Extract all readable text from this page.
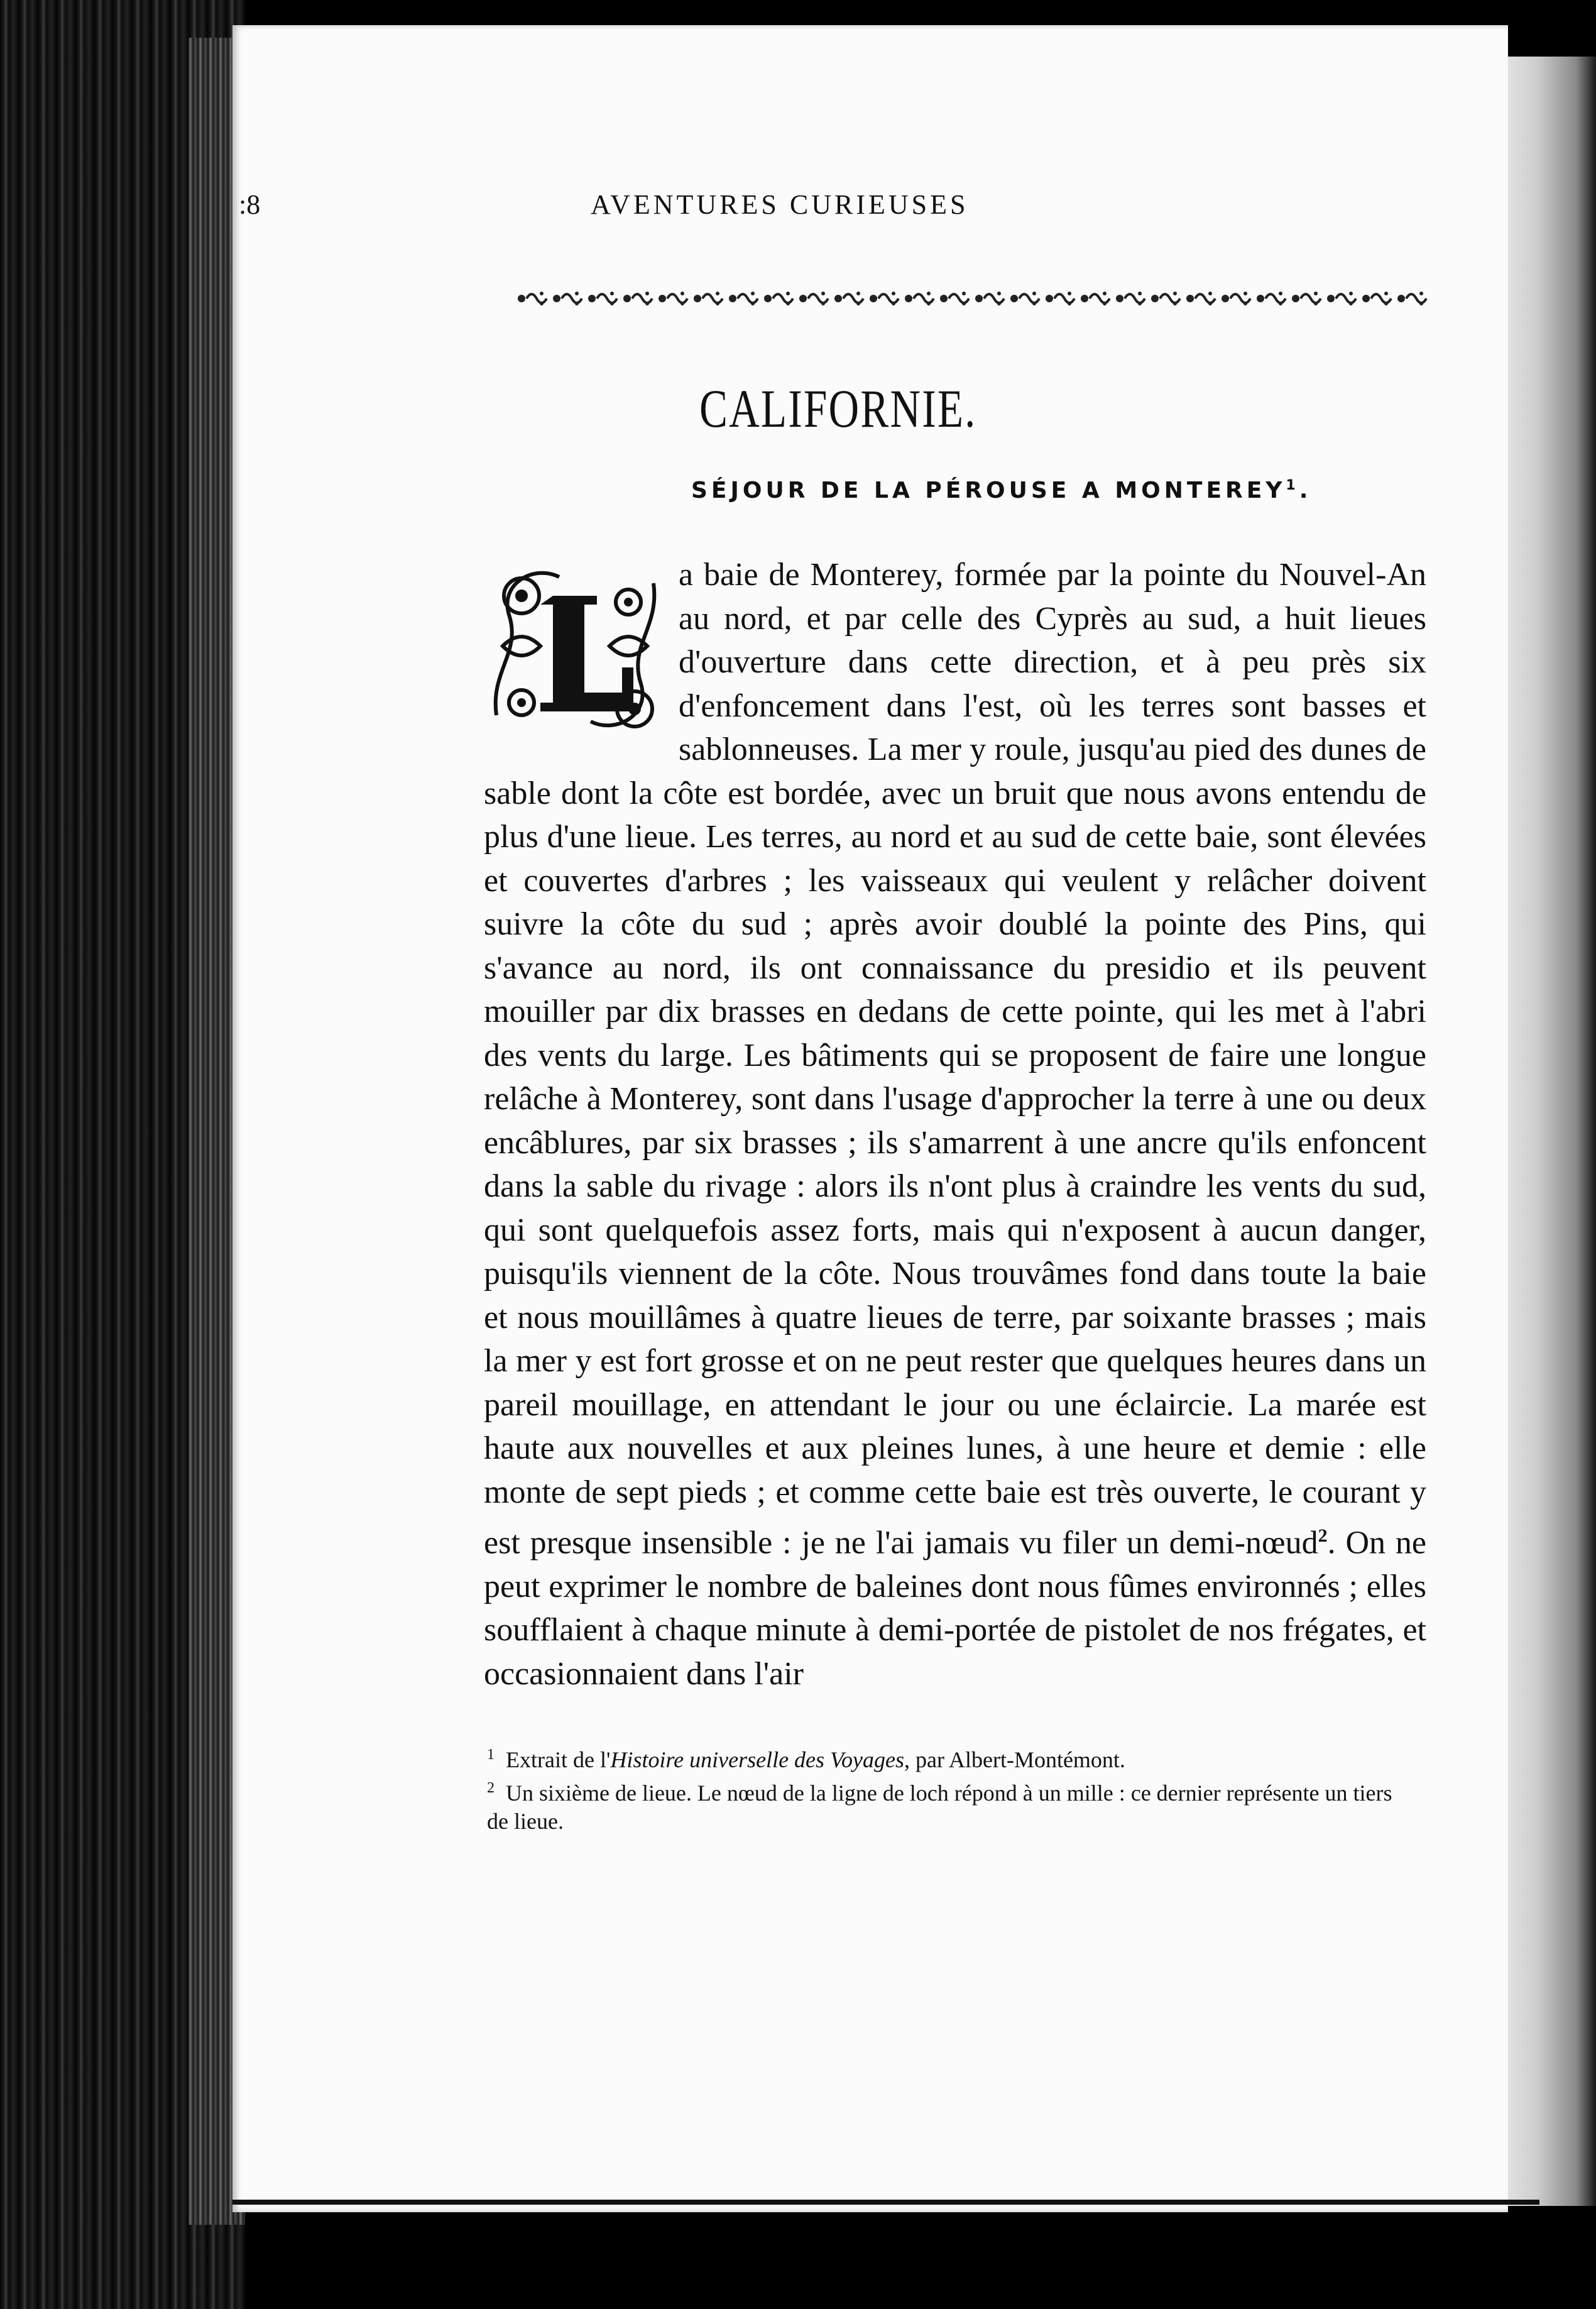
:8	AVENTURES CURIEUSES
CALIFORNIE.
SÉJOUR DE LA PÉROUSE A MONTEREY$^1$.

a baie de Monterey, formée par la pointe du Nouvel-An au nord, et par celle des Cyprès au sud, a huit lieues d'ouverture dans cette direction, et à peu près six d'enfoncement dans l'est, où les terres sont basses et sablonneuses. La mer y roule, jusqu'au pied des dunes de sable dont la côte est bordée, avec un bruit que nous avons entendu de plus d'une lieue. Les terres, au nord et au sud de cette baie, sont élevées et couvertes d'arbres ; les vaisseaux qui veulent y relâcher doivent suivre la côte du sud ; après avoir doublé la pointe des Pins, qui s'avance au nord, ils ont connaissance du presidio et ils peuvent mouiller par dix brasses en dedans de cette pointe, qui les met à l'abri des vents du large. Les bâtiments qui se proposent de faire une longue relâche à Monterey, sont dans l'usage d'approcher la terre à une ou deux encâblures, par six brasses ; ils s'amarrent à une ancre qu'ils enfoncent dans la sable du rivage : alors ils n'ont plus à craindre les vents du sud, qui sont quelquefois assez forts, mais qui n'exposent à aucun danger, puisqu'ils viennent de la côte. Nous trouvâmes fond dans toute la baie et nous mouillâmes à quatre lieues de terre, par soixante brasses ; mais la mer y est fort grosse et on ne peut rester que quelques heures dans un pareil mouillage, en attendant le jour ou une éclaircie. La marée est haute aux nouvelles et aux pleines lunes, à une heure et demie : elle monte de sept pieds ; et comme cette baie est très ouverte, le courant y est presque insensible : je ne l'ai jamais vu filer un demi-nœud$^2$. On ne peut exprimer le nombre de baleines dont nous fûmes environnés ; elles soufflaient à chaque minute à demi-portée de pistolet de nos frégates, et occasionnaient dans l'air

$^1$ Extrait de l'Histoire universelle des Voyages, par Albert-Montémont.

$^2$ Un sixième de lieue. Le nœud de la ligne de loch répond à un mille : ce dernier représente un tiers de lieue.
